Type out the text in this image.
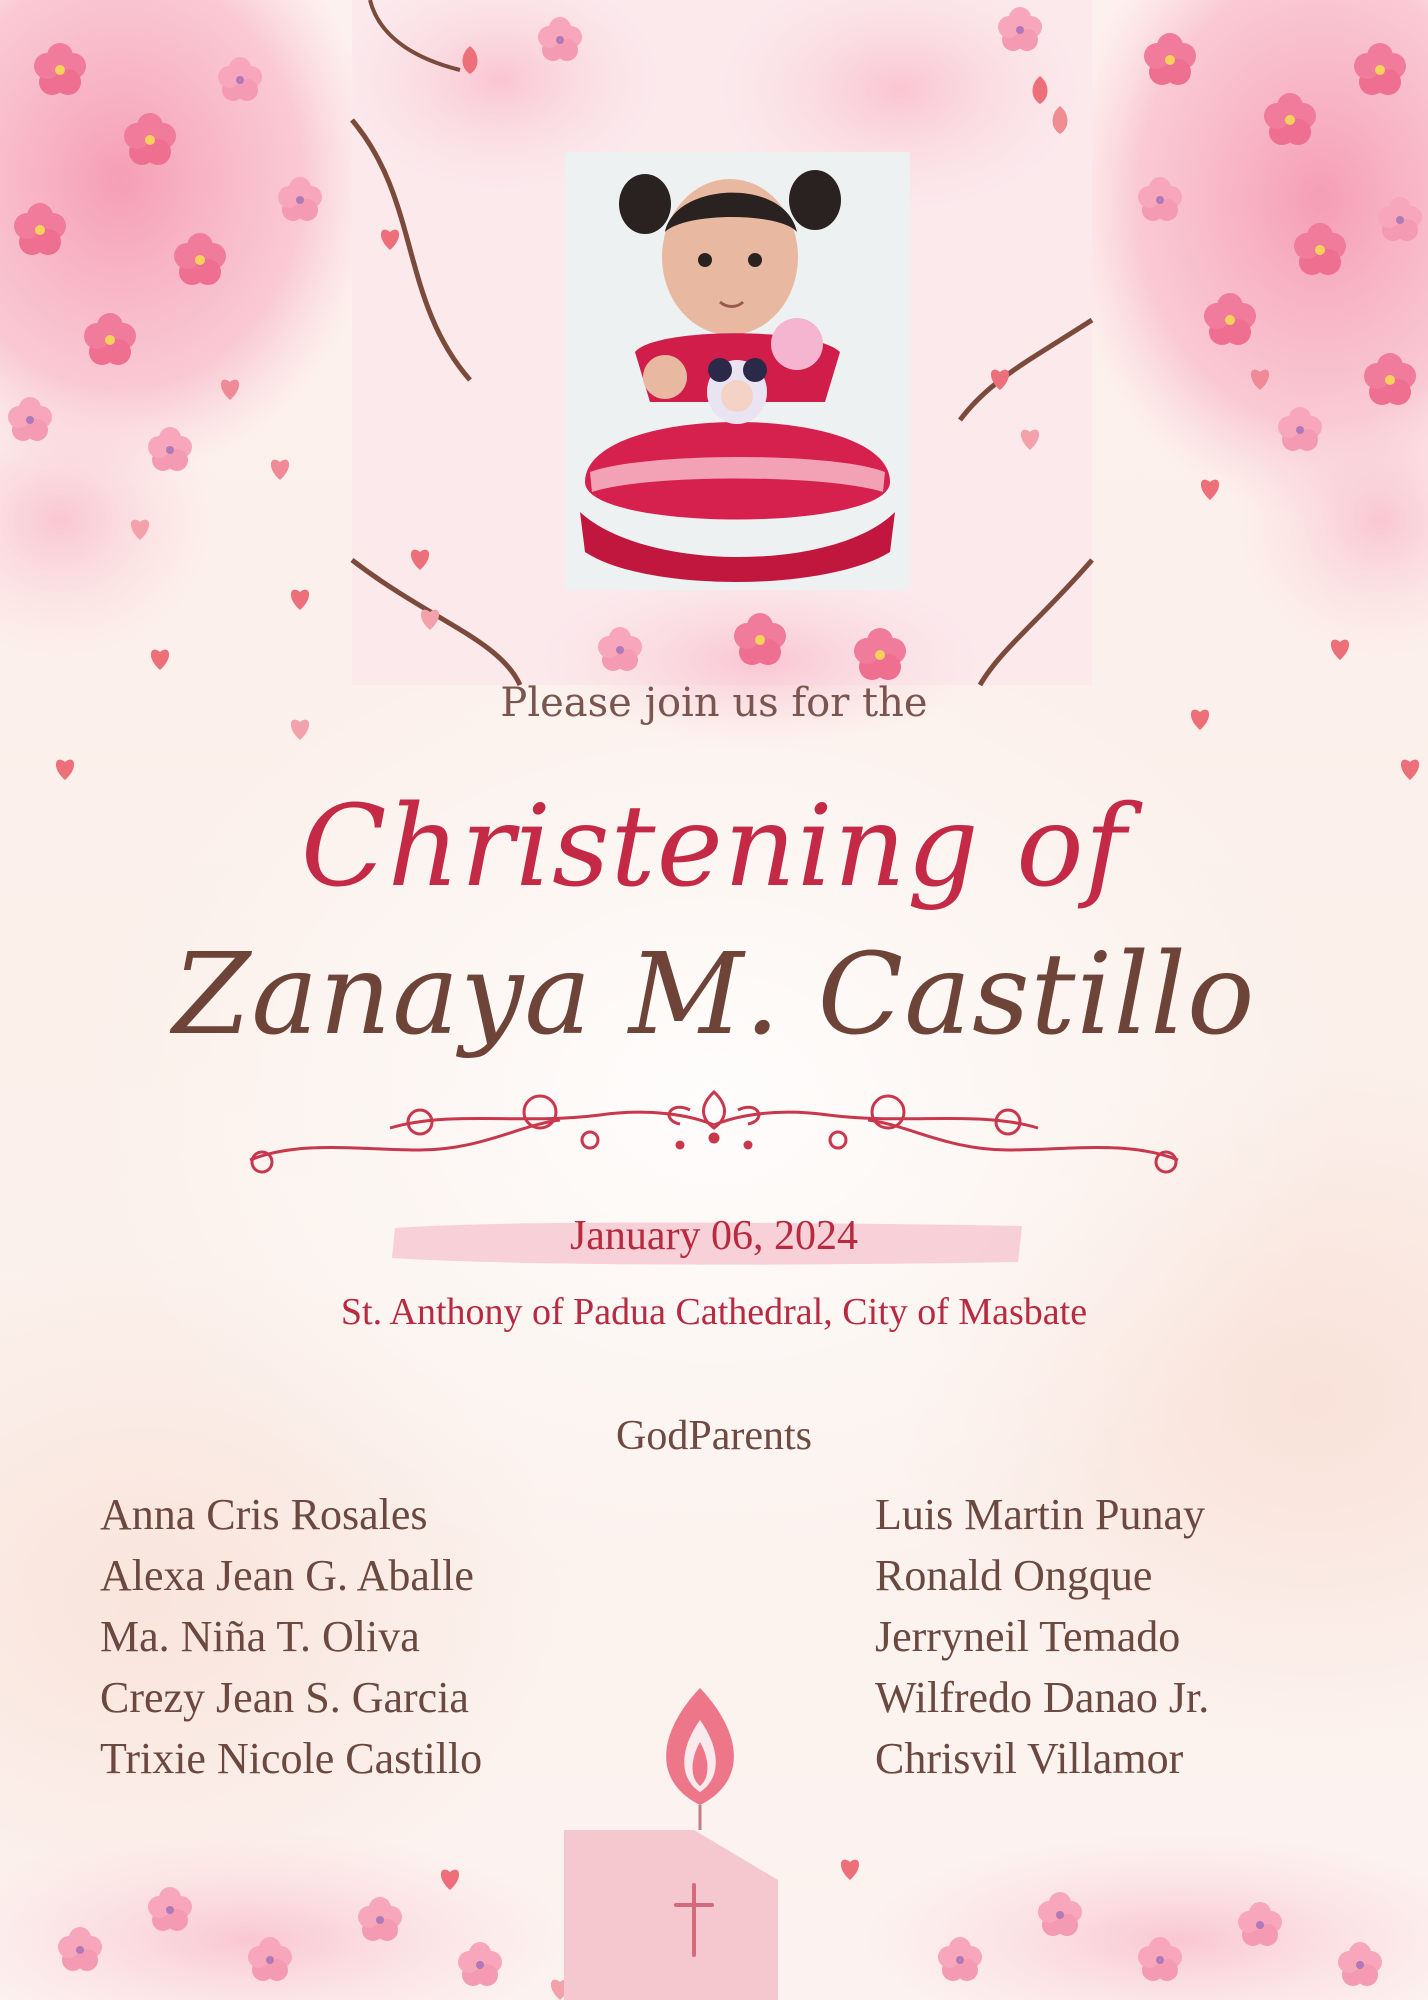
Please join us for the

Christening of

Zanaya M. Castillo

January 06, 2024

St. Anthony of Padua Cathedral, City of Masbate

GodParents

Anna Cris Rosales
Alexa Jean G. Aballe
Ma. Niña T. Oliva
Crezy Jean S. Garcia
Trixie Nicole Castillo
Luis Martin Punay
Ronald Ongque
Jerryneil Temado
Wilfredo Danao Jr.
Chrisvil Villamor
